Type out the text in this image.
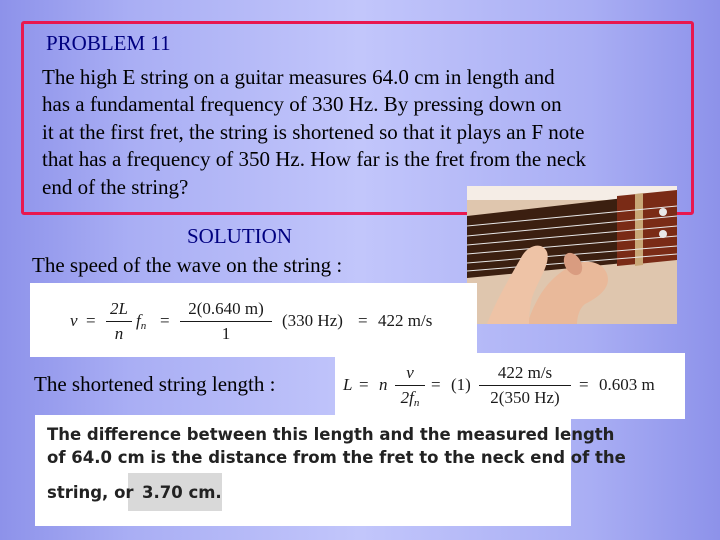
PROBLEM 11
The high E string on a guitar measures 64.0 cm in length and
has a fundamental frequency of 330 Hz. By pressing down on
it at the first fret, the string is shortened so that it plays an F note
that has a frequency of 350 Hz. How far is the fret from the neck
end of the string?
SOLUTION
The speed of the wave on the string :
v =
2L
n
fn =
2(0.640 m)
1
(330 Hz) = 422 m/s
The shortened string length :	L = n
v
2fn
= (1)
422 m/s
2(350 Hz)
= 0.603 m
The difference between this length and the measured length
of 64.0 cm is the distance from the fret to the neck end of the
string, or 3.70 cm.
